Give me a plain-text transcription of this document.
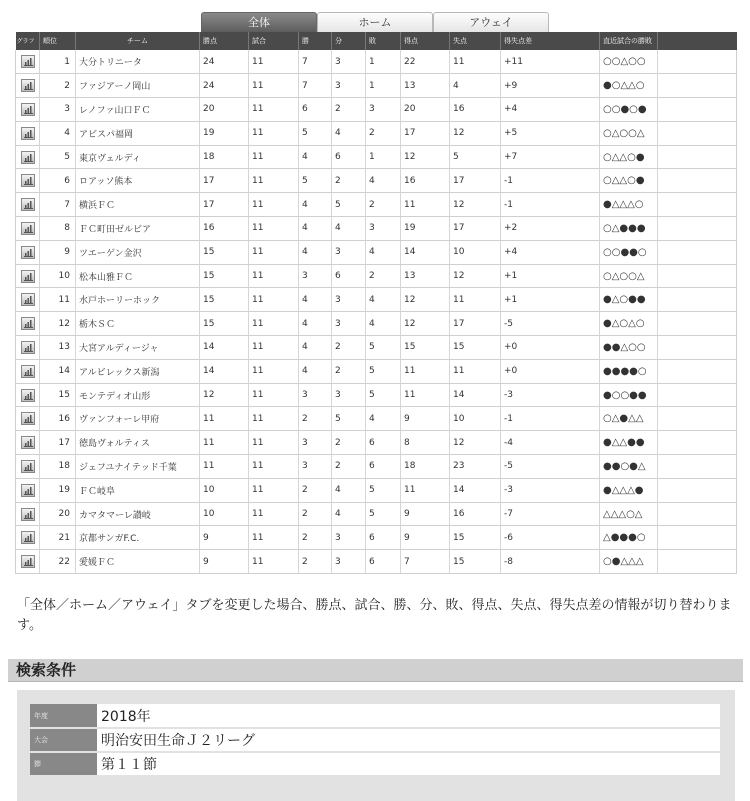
全体	ホーム	アウェイ
グラフ	順位	チーム	勝点	試合	勝	分	敗	得点	失点	得失点差	直近試合の勝敗	

	1	大分トリニータ	24	11	7	3	1	22	11	+11	○○△○○	

	2	ファジアーノ岡山	24	11	7	3	1	13	4	+9	●○△△○	

	3	レノファ山口ＦＣ	20	11	6	2	3	20	16	+4	○○●○●	

	4	アビスパ福岡	19	11	5	4	2	17	12	+5	○△○○△	

	5	東京ヴェルディ	18	11	4	6	1	12	5	+7	○△△○●	

	6	ロアッソ熊本	17	11	5	2	4	16	17	-1	○△△○●	

	7	横浜ＦＣ	17	11	4	5	2	11	12	-1	●△△△○	

	8	ＦＣ町田ゼルビア	16	11	4	4	3	19	17	+2	○△●●●	

	9	ツエーゲン金沢	15	11	4	3	4	14	10	+4	○○●●○	

	10	松本山雅ＦＣ	15	11	3	6	2	13	12	+1	○△○○△	

	11	水戸ホーリーホック	15	11	4	3	4	12	11	+1	●△○●●	

	12	栃木ＳＣ	15	11	4	3	4	12	17	-5	●△○△○	

	13	大宮アルディージャ	14	11	4	2	5	15	15	+0	●●△○○	

	14	アルビレックス新潟	14	11	4	2	5	11	11	+0	●●●●○	

	15	モンテディオ山形	12	11	3	3	5	11	14	-3	●○○●●	

	16	ヴァンフォーレ甲府	11	11	2	5	4	9	10	-1	○△●△△	

	17	徳島ヴォルティス	11	11	3	2	6	8	12	-4	●△△●●	

	18	ジェフユナイテッド千葉	11	11	3	2	6	18	23	-5	●●○●△	

	19	ＦＣ岐阜	10	11	2	4	5	11	14	-3	●△△△●	

	20	カマタマーレ讃岐	10	11	2	4	5	9	16	-7	△△△○△	

	21	京都サンガF.C.	9	11	2	3	6	9	15	-6	△●●●○	

	22	愛媛ＦＣ	9	11	2	3	6	7	15	-8	○●△△△	
「全体／ホーム／アウェイ」タブを変更した場合、勝点、試合、勝、分、敗、得点、失点、得失点差の情報が切り替わります。
検索条件
年度	2018年
大会	明治安田生命Ｊ２リーグ
節	第１１節
